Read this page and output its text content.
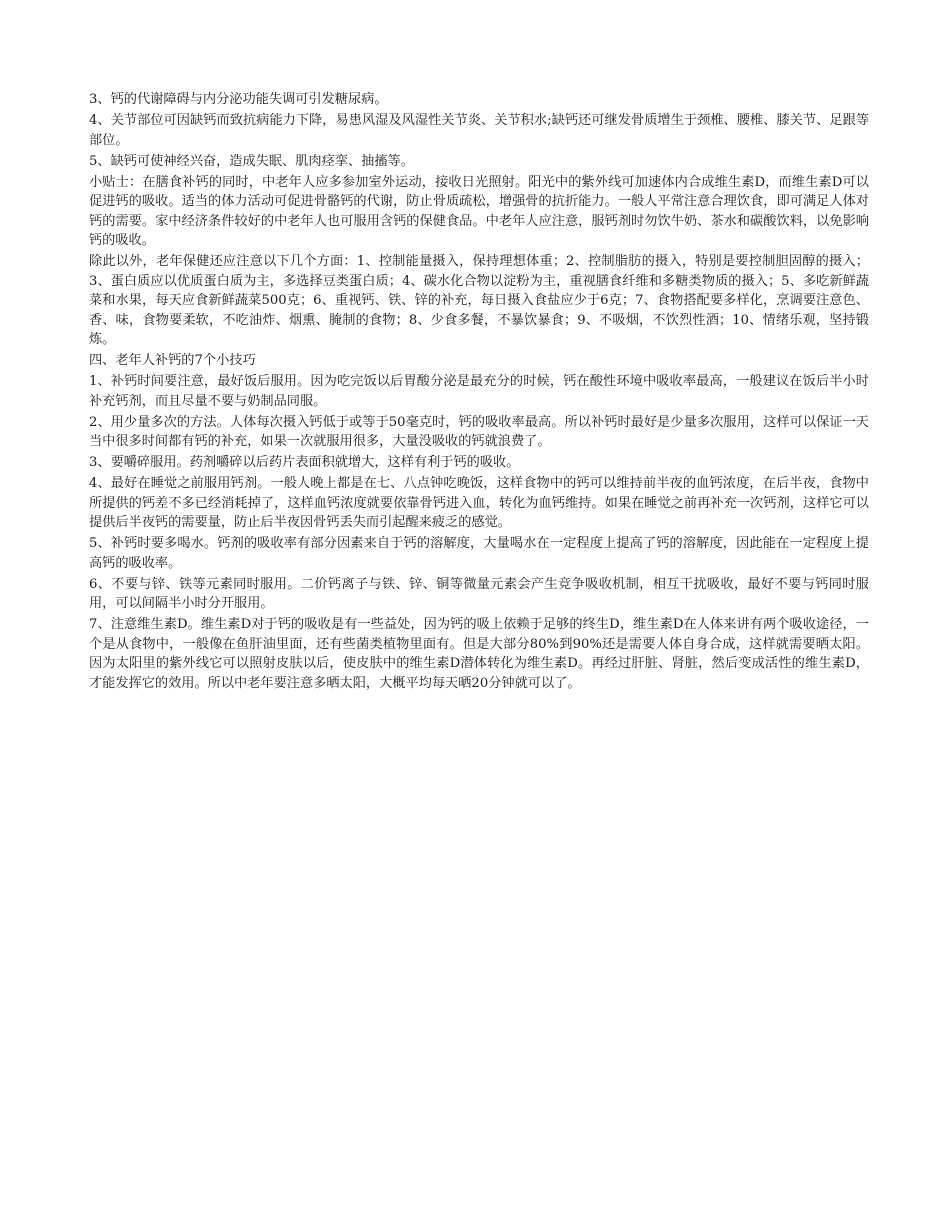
3、钙的代谢障碍与内分泌功能失调可引发糖尿病。

4、关节部位可因缺钙而致抗病能力下降，易患风湿及风湿性关节炎、关节积水;缺钙还可继发骨质增生于颈椎、腰椎、膝关节、足跟等部位。

5、缺钙可使神经兴奋，造成失眠、肌肉痉挛、抽搐等。

小贴士：在膳食补钙的同时，中老年人应多参加室外运动，接收日光照射。阳光中的紫外线可加速体内合成维生素D，而维生素D可以促进钙的吸收。适当的体力活动可促进骨骼钙的代谢，防止骨质疏松，增强骨的抗折能力。一般人平常注意合理饮食，即可满足人体对钙的需要。家中经济条件较好的中老年人也可服用含钙的保健食品。中老年人应注意，服钙剂时勿饮牛奶、茶水和碳酸饮料，以免影响钙的吸收。

除此以外，老年保健还应注意以下几个方面：1、控制能量摄入，保持理想体重；2、控制脂肪的摄入，特别是要控制胆固醇的摄入；3、蛋白质应以优质蛋白质为主，多选择豆类蛋白质；4、碳水化合物以淀粉为主，重视膳食纤维和多糖类物质的摄入；5、多吃新鲜蔬菜和水果，每天应食新鲜蔬菜500克；6、重视钙、铁、锌的补充，每日摄入食盐应少于6克；7、食物搭配要多样化，烹调要注意色、香、味，食物要柔软，不吃油炸、烟熏、腌制的食物；8、少食多餐，不暴饮暴食；9、不吸烟，不饮烈性酒；10、情绪乐观，坚持锻炼。

四、老年人补钙的7个小技巧

1、补钙时间要注意，最好饭后服用。因为吃完饭以后胃酸分泌是最充分的时候，钙在酸性环境中吸收率最高，一般建议在饭后半小时补充钙剂，而且尽量不要与奶制品同服。

2、用少量多次的方法。人体每次摄入钙低于或等于50毫克时，钙的吸收率最高。所以补钙时最好是少量多次服用，这样可以保证一天当中很多时间都有钙的补充，如果一次就服用很多，大量没吸收的钙就浪费了。

3、要嚼碎服用。药剂嚼碎以后药片表面积就增大，这样有利于钙的吸收。

4、最好在睡觉之前服用钙剂。一般人晚上都是在七、八点钟吃晚饭，这样食物中的钙可以维持前半夜的血钙浓度，在后半夜，食物中所提供的钙差不多已经消耗掉了，这样血钙浓度就要依靠骨钙进入血，转化为血钙维持。如果在睡觉之前再补充一次钙剂，这样它可以提供后半夜钙的需要量，防止后半夜因骨钙丢失而引起醒来疲乏的感觉。

5、补钙时要多喝水。钙剂的吸收率有部分因素来自于钙的溶解度，大量喝水在一定程度上提高了钙的溶解度，因此能在一定程度上提高钙的吸收率。

6、不要与锌、铁等元素同时服用。二价钙离子与铁、锌、铜等微量元素会产生竞争吸收机制，相互干扰吸收，最好不要与钙同时服用，可以间隔半小时分开服用。

7、注意维生素D。维生素D对于钙的吸收是有一些益处，因为钙的吸上依赖于足够的终生D，维生素D在人体来讲有两个吸收途径，一个是从食物中，一般像在鱼肝油里面，还有些菌类植物里面有。但是大部分80%到90%还是需要人体自身合成，这样就需要晒太阳。因为太阳里的紫外线它可以照射皮肤以后，使皮肤中的维生素D潜体转化为维生素D。再经过肝脏、肾脏，然后变成活性的维生素D，才能发挥它的效用。所以中老年要注意多晒太阳，大概平均每天晒20分钟就可以了。
